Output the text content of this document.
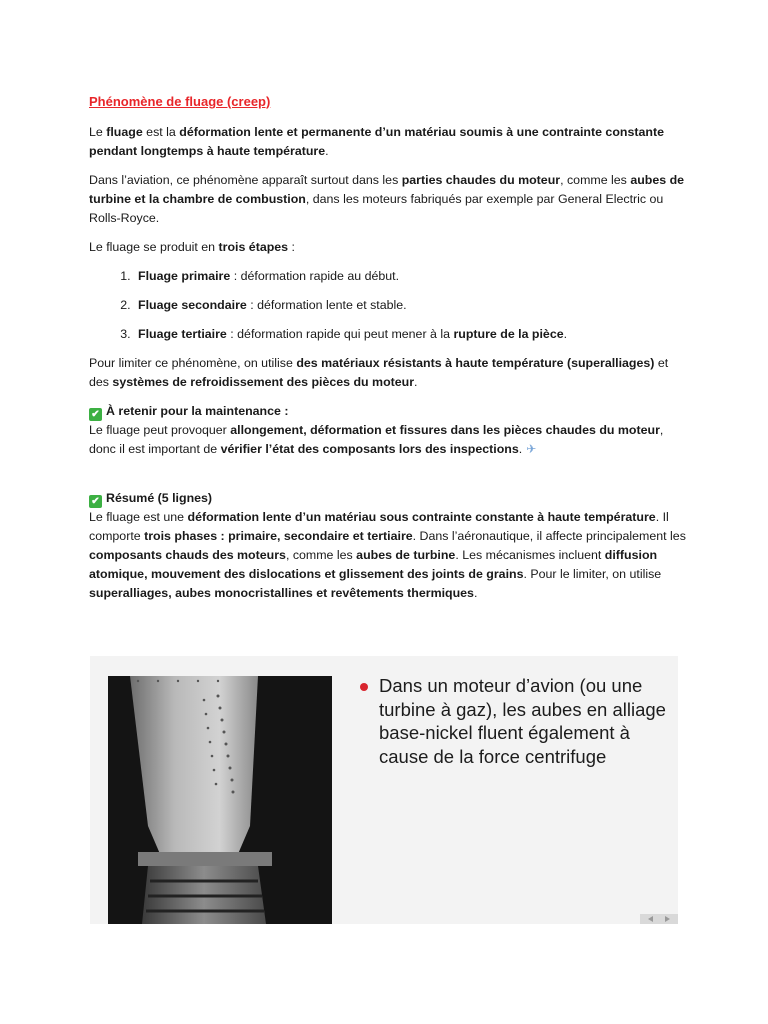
Phénomène de fluage (creep)

Le fluage est la déformation lente et permanente d’un matériau soumis à une contrainte constante pendant longtemps à haute température.

Dans l’aviation, ce phénomène apparaît surtout dans les parties chaudes du moteur, comme les aubes de turbine et la chambre de combustion, dans les moteurs fabriqués par exemple par General Electric ou Rolls-Royce.

Le fluage se produit en trois étapes :

1. Fluage primaire : déformation rapide au début.
2. Fluage secondaire : déformation lente et stable.
3. Fluage tertiaire : déformation rapide qui peut mener à la rupture de la pièce.

Pour limiter ce phénomène, on utilise des matériaux résistants à haute température (superalliages) et des systèmes de refroidissement des pièces du moteur.

✔ À retenir pour la maintenance :
Le fluage peut provoquer allongement, déformation et fissures dans les pièces chaudes du moteur, donc il est important de vérifier l’état des composants lors des inspections. ✈

✔ Résumé (5 lignes)
Le fluage est une déformation lente d’un matériau sous contrainte constante à haute température. Il comporte trois phases : primaire, secondaire et tertiaire. Dans l’aéronautique, il affecte principalement les composants chauds des moteurs, comme les aubes de turbine. Les mécanismes incluent diffusion atomique, mouvement des dislocations et glissement des joints de grains. Pour le limiter, on utilise superalliages, aubes monocristallines et revêtements thermiques.

Dans un moteur d’avion (ou une turbine à gaz), les aubes en alliage base-nickel fluent également à cause de la force centrifuge
